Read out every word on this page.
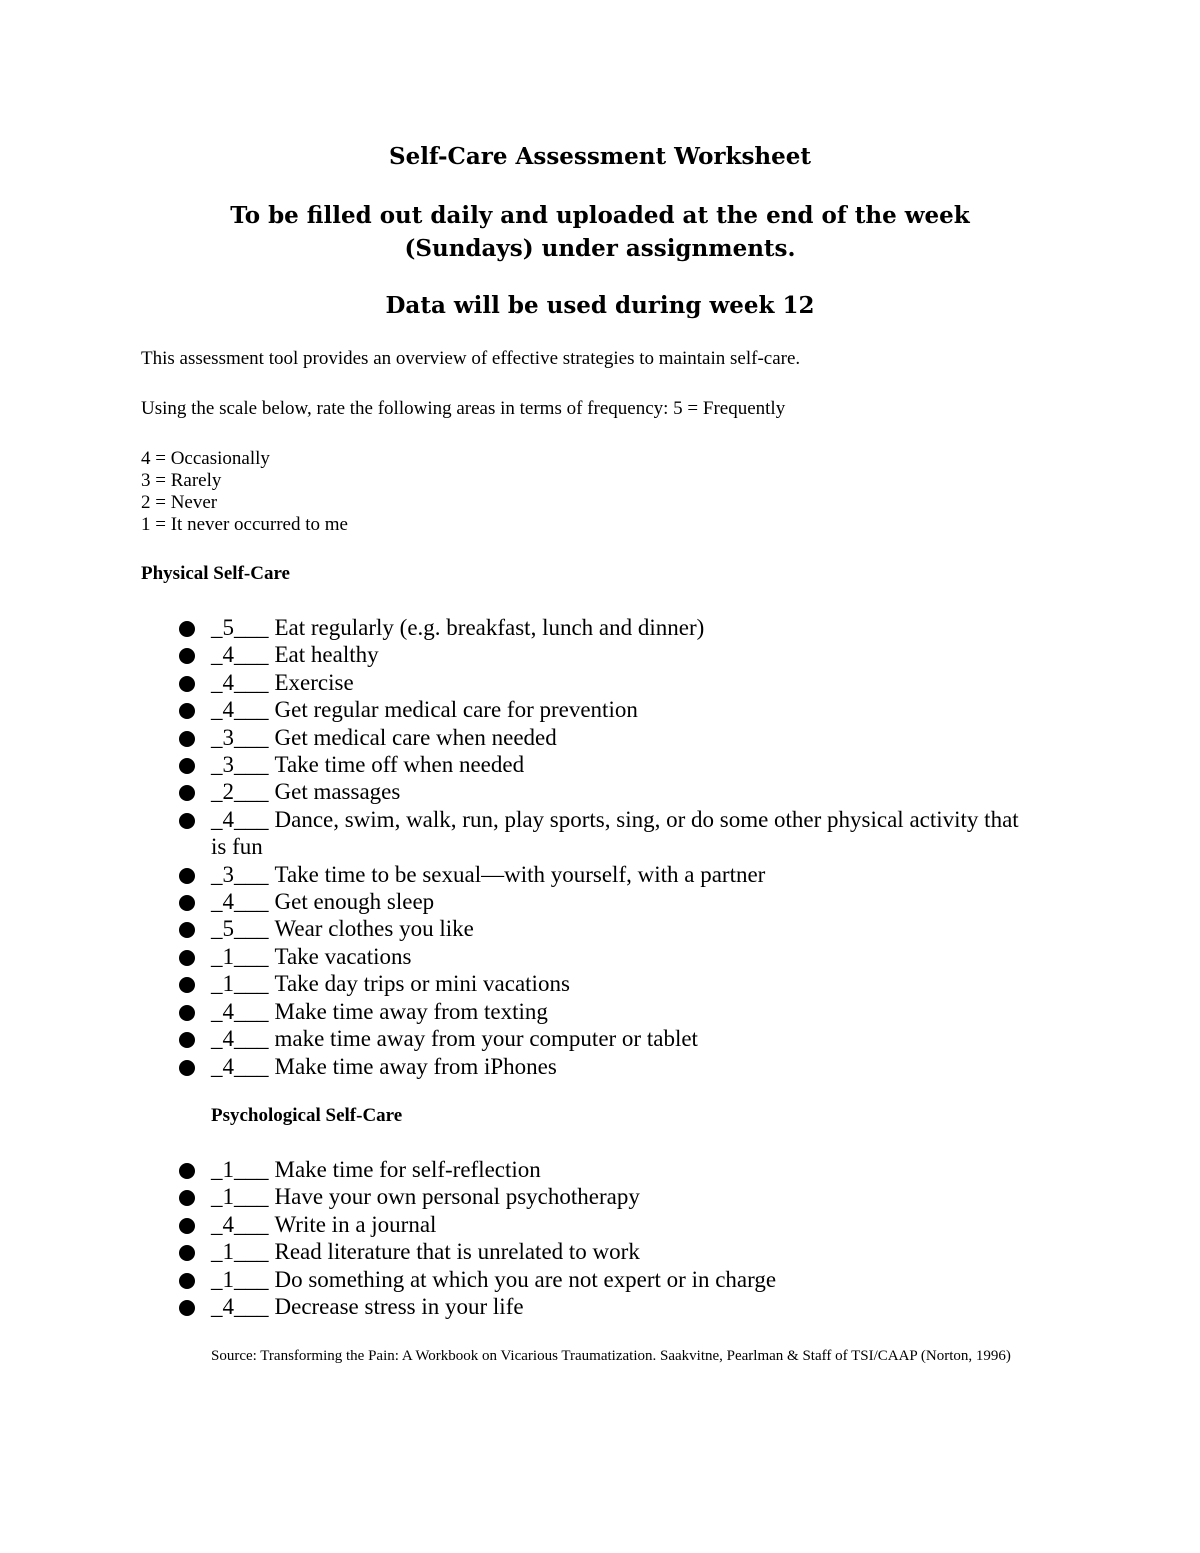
Self-Care Assessment Worksheet
To be filled out daily and uploaded at the end of the week
(Sundays) under assignments.
Data will be used during week 12

This assessment tool provides an overview of effective strategies to maintain self-care.

Using the scale below, rate the following areas in terms of frequency: 5 = Frequently

4 = Occasionally
3 = Rarely
2 = Never
1 = It never occurred to me
Physical Self-Care
_5___ Eat regularly (e.g. breakfast, lunch and dinner)
_4___ Eat healthy
_4___ Exercise
_4___ Get regular medical care for prevention
_3___ Get medical care when needed
_3___ Take time off when needed
_2___ Get massages
_4___ Dance, swim, walk, run, play sports, sing, or do some other physical activity that is fun
_3___ Take time to be sexual—with yourself, with a partner
_4___ Get enough sleep
_5___ Wear clothes you like
_1___ Take vacations
_1___ Take day trips or mini vacations
_4___ Make time away from texting
_4___ make time away from your computer or tablet
_4___ Make time away from iPhones
Psychological Self-Care
_1___ Make time for self-reflection
_1___ Have your own personal psychotherapy
_4___ Write in a journal
_1___ Read literature that is unrelated to work
_1___ Do something at which you are not expert or in charge
_4___ Decrease stress in your life

Source: Transforming the Pain: A Workbook on Vicarious Traumatization. Saakvitne, Pearlman & Staff of TSI/CAAP (Norton, 1996)
